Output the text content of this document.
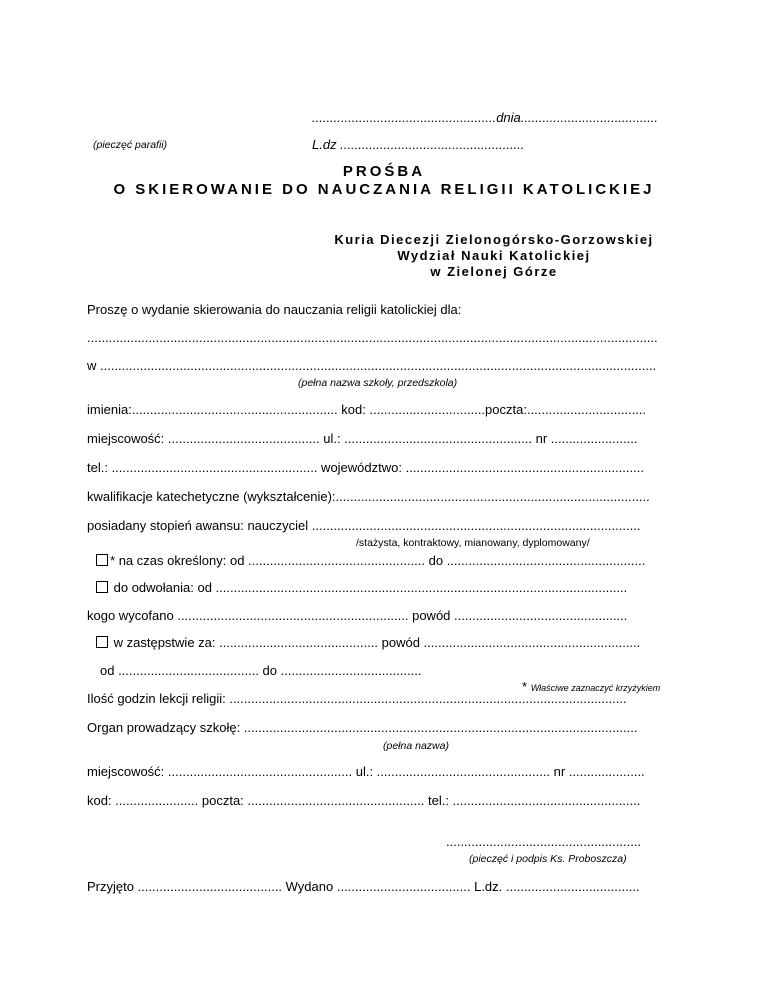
...................................................dnia......................................
(pieczęć parafii)	L.dz ...................................................
PROŚBA
O SKIEROWANIE DO NAUCZANIA RELIGII KATOLICKIEJ
Kuria Diecezji Zielonogórsko-Gorzowskiej
Wydział Nauki Katolickiej
w Zielonej Górze
Proszę o wydanie skierowania do nauczania religii katolickiej dla:
..............................................................................................................................................................
w ..........................................................................................................................................................
(pełna nazwa szkoły, przedszkola)
imienia:......................................................... kod: ................................poczta:.................................
miejscowość: .......................................... ul.: .................................................... nr ........................
tel.: ......................................................... województwo: ..................................................................
kwalifikacje katechetyczne (wykształcenie):.......................................................................................
posiadany stopień awansu: nauczyciel ...........................................................................................
/stażysta, kontraktowy, mianowany, dyplomowany/
* na czas określony: od ................................................. do .......................................................
do odwołania: od ..................................................................................................................
kogo wycofano ................................................................ powód ................................................
w zastępstwie za: ............................................ powód ............................................................
od ....................................... do .......................................
* Właściwe zaznaczyć krzyżykiem
Ilość godzin lekcji religii: ..............................................................................................................
Organ prowadzący szkołę: .............................................................................................................
(pełna nazwa)
miejscowość: ................................................... ul.: ................................................ nr .....................
kod: ....................... poczta: ................................................. tel.: ....................................................
......................................................
(pieczęć i podpis Ks. Proboszcza)
Przyjęto ........................................ Wydano ..................................... L.dz. .....................................
